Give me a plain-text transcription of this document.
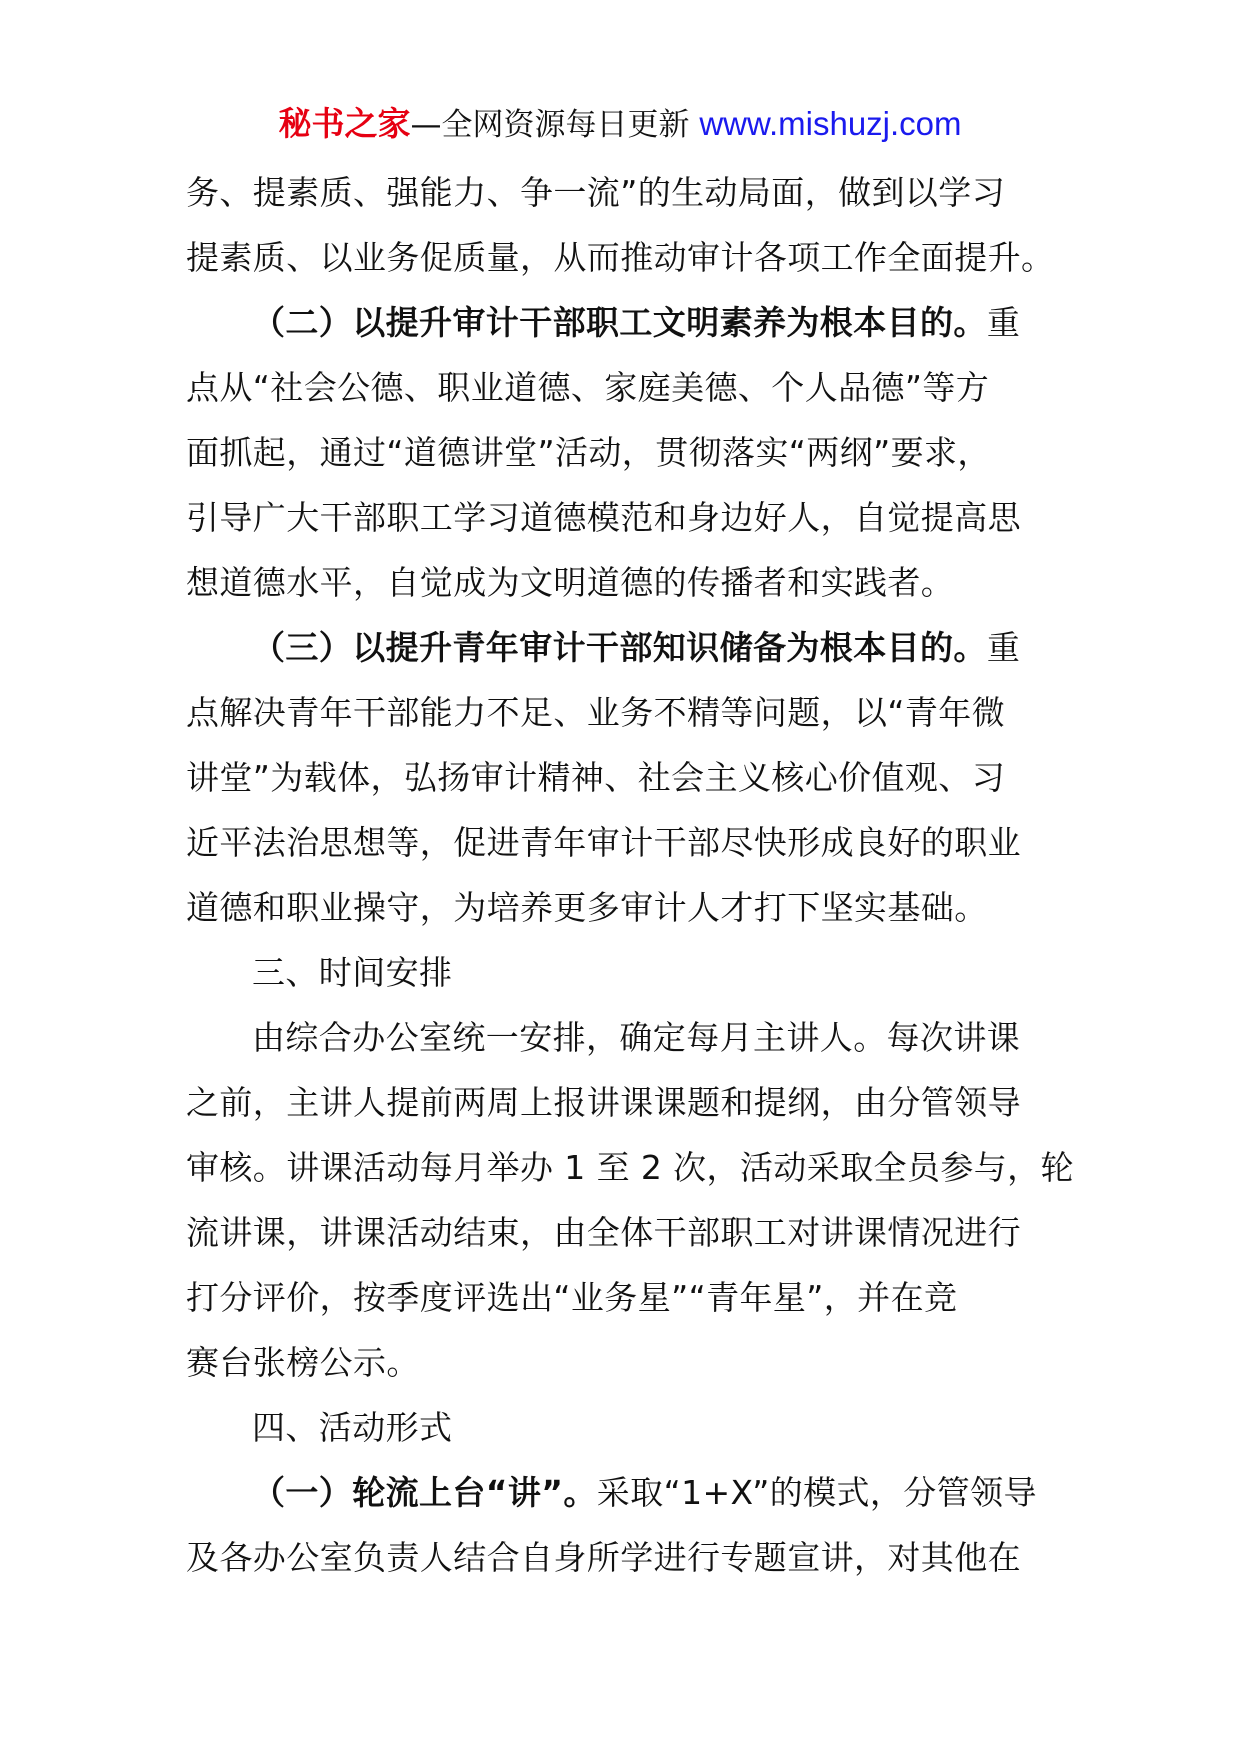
秘书之家—全网资源每日更新 www.mishuzj.com
务、提素质、强能力、争一流”的生动局面，做到以学习
提素质、以业务促质量，从而推动审计各项工作全面提升。
（二）以提升审计干部职工文明素养为根本目的。重
点从“社会公德、职业道德、家庭美德、个人品德”等方
面抓起，通过“道德讲堂”活动，贯彻落实“两纲”要求，
引导广大干部职工学习道德模范和身边好人，自觉提高思
想道德水平，自觉成为文明道德的传播者和实践者。
（三）以提升青年审计干部知识储备为根本目的。重
点解决青年干部能力不足、业务不精等问题，以“青年微
讲堂”为载体，弘扬审计精神、社会主义核心价值观、习
近平法治思想等，促进青年审计干部尽快形成良好的职业
道德和职业操守，为培养更多审计人才打下坚实基础。
三、时间安排
由综合办公室统一安排，确定每月主讲人。每次讲课
之前，主讲人提前两周上报讲课课题和提纲，由分管领导
审核。讲课活动每月举办 1 至 2 次，活动采取全员参与，轮
流讲课，讲课活动结束，由全体干部职工对讲课情况进行
打分评价，按季度评选出“业务星”“青年星”，并在竞
赛台张榜公示。
四、活动形式
（一）轮流上台“讲”。采取“1+X”的模式，分管领导
及各办公室负责人结合自身所学进行专题宣讲，对其他在
